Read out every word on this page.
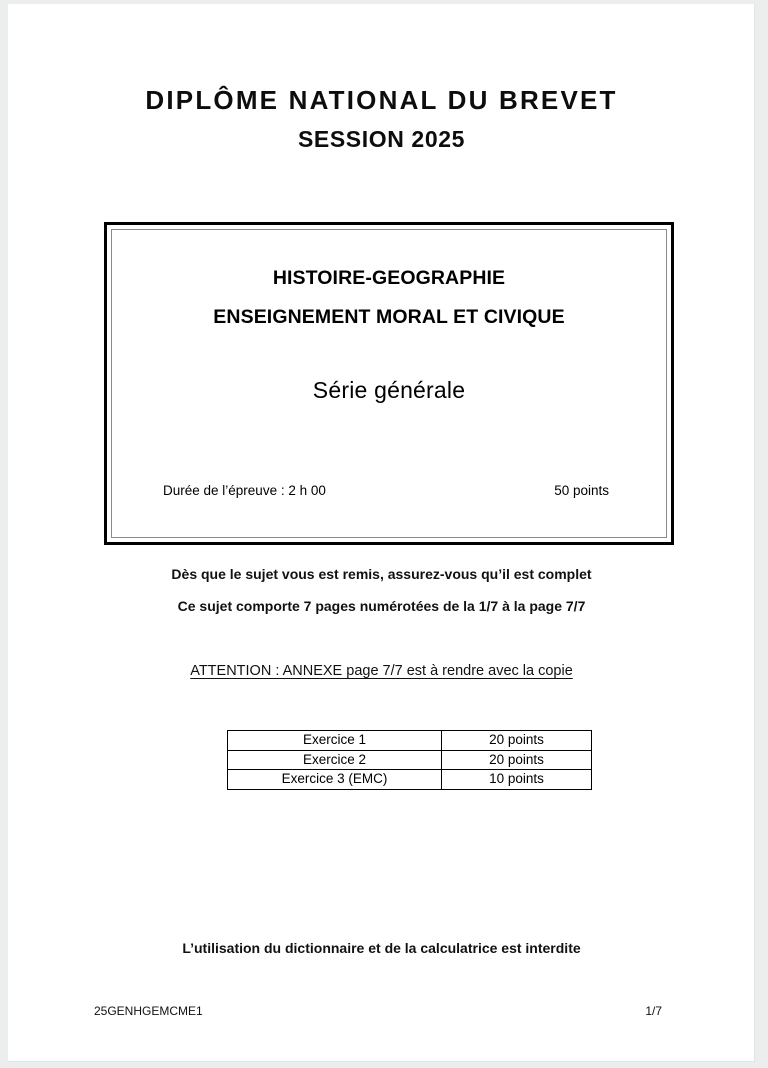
DIPLÔME NATIONAL DU BREVET
SESSION 2025
HISTOIRE-GEOGRAPHIE
ENSEIGNEMENT MORAL ET CIVIQUE
Série générale
Durée de l’épreuve : 2 h 00	50 points
Dès que le sujet vous est remis, assurez-vous qu’il est complet
Ce sujet comporte 7 pages numérotées de la 1/7 à la page 7/7
ATTENTION : ANNEXE page 7/7 est à rendre avec la copie
Exercice 1	20 points
Exercice 2	20 points
Exercice 3 (EMC)	10 points
L’utilisation du dictionnaire et de la calculatrice est interdite
25GENHGEMCME1	1/7
